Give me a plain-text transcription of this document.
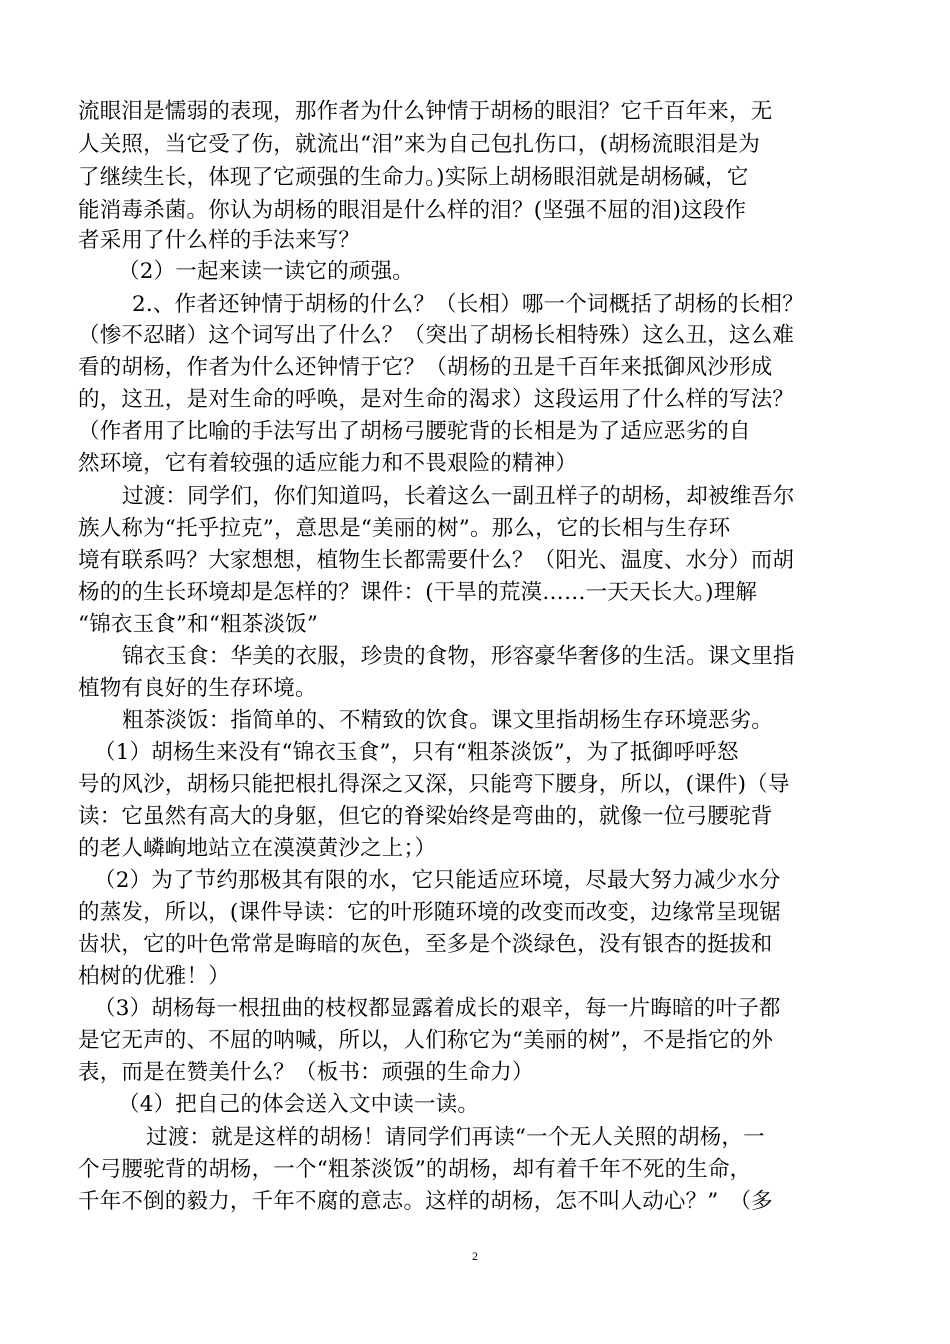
流眼泪是懦弱的表现，那作者为什么钟情于胡杨的眼泪？它千百年来，无
人关照，当它受了伤，就流出“泪”来为自己包扎伤口，(胡杨流眼泪是为
了继续生长，体现了它顽强的生命力。)实际上胡杨眼泪就是胡杨碱，它
能消毒杀菌。你认为胡杨的眼泪是什么样的泪？(坚强不屈的泪)这段作
者采用了什么样的手法来写？
（2）一起来读一读它的顽强。
2.、作者还钟情于胡杨的什么？（长相）哪一个词概括了胡杨的长相？
（惨不忍睹）这个词写出了什么？（突出了胡杨长相特殊）这么丑，这么难
看的胡杨，作者为什么还钟情于它？（胡杨的丑是千百年来抵御风沙形成
的，这丑，是对生命的呼唤，是对生命的渴求）这段运用了什么样的写法？
（作者用了比喻的手法写出了胡杨弓腰驼背的长相是为了适应恶劣的自
然环境，它有着较强的适应能力和不畏艰险的精神）
过渡：同学们，你们知道吗，长着这么一副丑样子的胡杨，却被维吾尔
族人称为“托乎拉克”，意思是“美丽的树”。那么，它的长相与生存环
境有联系吗？大家想想，植物生长都需要什么？（阳光、温度、水分）而胡
杨的的生长环境却是怎样的？课件：(干旱的荒漠……一天天长大。)理解
“锦衣玉食”和“粗茶淡饭”
锦衣玉食：华美的衣服，珍贵的食物，形容豪华奢侈的生活。课文里指
植物有良好的生存环境。
粗茶淡饭：指简单的、不精致的饮食。课文里指胡杨生存环境恶劣。
（1）胡杨生来没有“锦衣玉食”，只有“粗茶淡饭”，为了抵御呼呼怒
号的风沙，胡杨只能把根扎得深之又深，只能弯下腰身，所以，(课件)（导
读：它虽然有高大的身躯，但它的脊梁始终是弯曲的，就像一位弓腰驼背
的老人嶙峋地站立在漠漠黄沙之上；）
（2）为了节约那极其有限的水，它只能适应环境，尽最大努力减少水分
的蒸发，所以，(课件导读：它的叶形随环境的改变而改变，边缘常呈现锯
齿状，它的叶色常常是晦暗的灰色，至多是个淡绿色，没有银杏的挺拔和
柏树的优雅！）
（3）胡杨每一根扭曲的枝杈都显露着成长的艰辛，每一片晦暗的叶子都
是它无声的、不屈的呐喊，所以，人们称它为“美丽的树”，不是指它的外
表，而是在赞美什么？（板书：顽强的生命力）
（4）把自己的体会送入文中读一读。
过渡：就是这样的胡杨！请同学们再读“一个无人关照的胡杨，一
个弓腰驼背的胡杨，一个“粗茶淡饭”的胡杨，却有着千年不死的生命，
千年不倒的毅力，千年不腐的意志。这样的胡杨，怎不叫人动心？”　（多
2
